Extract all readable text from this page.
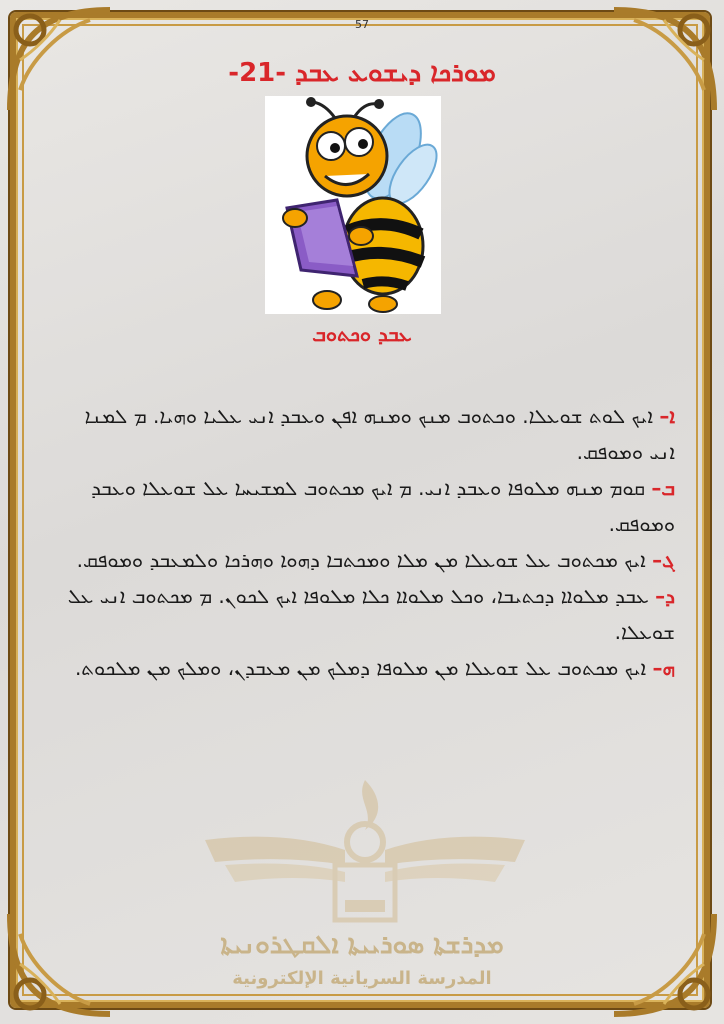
57
ܡܘܪܟܐ ܕܝܫܘܥ ܥܒܕ -21-
ܥܒܕ ܘܟܬܘܒ

ܐ– ܐܝܟ ܠܘܬ ܫܘܥܠܐ. ܘܟܬܘܒ ܡܢܟ ܘܡܢܗ ܐܦܢ ܘܥܒܕ ܐܢܝ ܥܠܝܐ ܘܗܝܐ. ܡ ܠܡܢܐ ܐܢܝ ܘܡܘܦܩ.

ܒ– ܩܘܡ ܡܢܗ ܡܠܘܦܐ ܘܥܒܕ ܐܢܝ. ܡ ܐܝܟ ܡܟܬܘܒ ܠܡܫܝܚܐ ܥܠ ܫܘܥܠܐ ܘܥܒܕ ܘܡܘܦܩ.

ܓ– ܐܝܟ ܡܟܬܘܒ ܥܠ ܫܘܥܠܐ ܡܢ ܡܠܐ ܘܡܟܬܒܐ ܕܗܘܐ ܘܗܪܟܐ ܘܠܡܥܒܕ ܘܡܘܦܩ.

ܕ– ܥܒܕ ܡܠܘܐܐ ܕܟܬܝܒܐ، ܘܟܠ ܡܠܘܐܐ ܟܠܐ ܡܠܘܦܐ ܐܝܟ ܠܟܘܢ. ܡ ܡܟܬܘܒ ܐܢܝ ܥܠ ܫܘܥܠܐ.

ܗ– ܐܝܟ ܡܟܬܘܒ ܥܠ ܫܘܥܠܐ ܡܢ ܡܠܘܦܐ ܕܡܠܟ ܡܢ ܡܥܒܕܢ، ܘܡܠܟ ܡܢ ܡܠܟܘܬ.

ܡܕܪܫܬܐ ܣܘܪܝܝܬܐ ܐܠܩܛܪܘܢܝܬܐ
المدرسة السريانية الإلكترونية
